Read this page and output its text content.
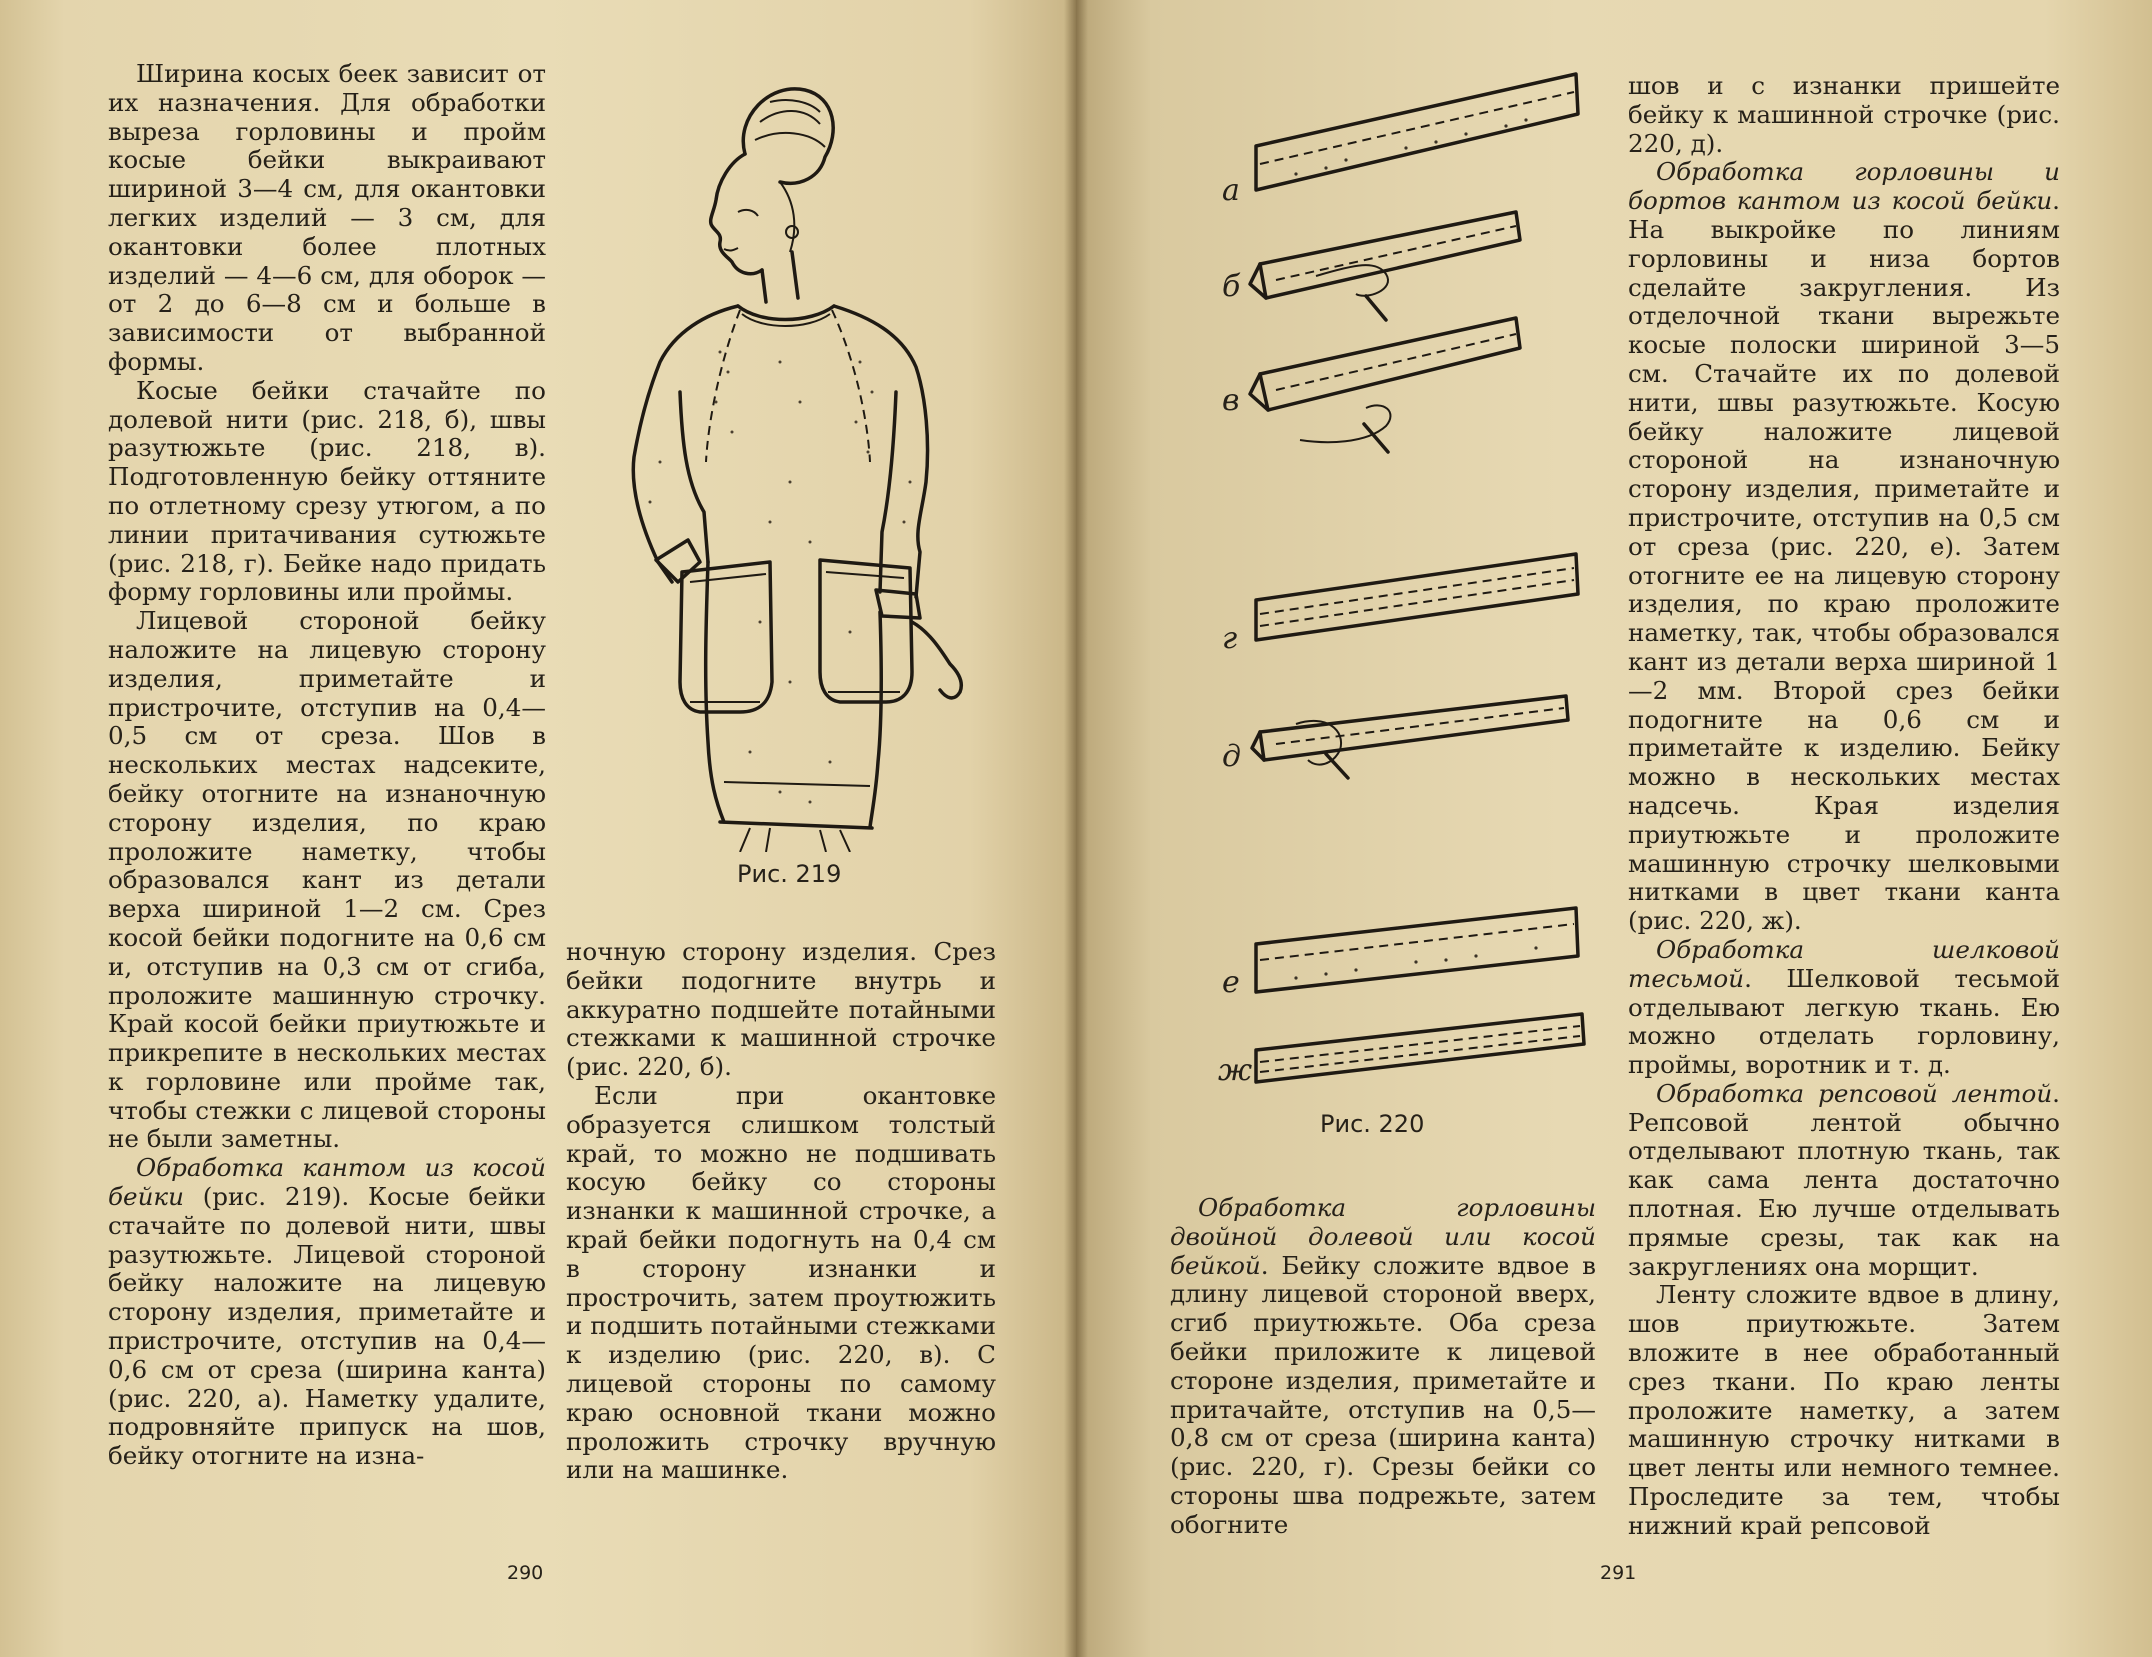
Ширина косых беек зависит от их назначения. Для обработки выреза горловины и пройм косые бейки выкраивают шириной 3—4 см, для окантовки легких изделий — 3 см, для окантовки более плотных изделий — 4—6 см, для оборок — от 2 до 6—8 см и больше в зависимости от выбранной формы.

Косые бейки стачайте по долевой нити (рис. 218, б), швы разутюжьте (рис. 218, в). Подготовленную бейку оттяните по отлетному срезу утюгом, а по линии притачивания сутюжьте (рис. 218, г). Бейке надо придать форму горловины или проймы.

Лицевой стороной бейку наложите на лицевую сторону изделия, приметайте и пристрочите, отступив на 0,4—0,5 см от среза. Шов в нескольких местах надсеките, бейку отогните на изнаночную сторону изделия, по краю проложите наметку, чтобы образовался кант из детали верха шириной 1—2 см. Срез косой бейки подогните на 0,6 см и, отступив на 0,3 см от сгиба, проложите машинную строчку. Край косой бейки приутюжьте и прикрепите в нескольких местах к горловине или пройме так, чтобы стежки с лицевой стороны не были заметны.

Обработка кантом из косой бейки (рис. 219). Косые бейки стачайте по долевой нити, швы разутюжьте. Лицевой стороной бейку наложите на лицевую сторону изделия, приметайте и пристрочите, отступив на 0,4—0,6 см от среза (ширина канта) (рис. 220, а). Наметку удалите, подровняйте припуск на шов, бейку отогните на изна-

Рис. 219

ночную сторону изделия. Срез бейки подогните внутрь и аккуратно подшейте потайными стежками к машинной строчке (рис. 220, б).

Если при окантовке образуется слишком толстый край, то можно не подшивать косую бейку со стороны изнанки к машинной строчке, а край бейки подогнуть на 0,4 см в сторону изнанки и прострочить, затем проутюжить и подшить потайными стежками к изделию (рис. 220, в). С лицевой стороны по самому краю основной ткани можно проложить строчку вручную или на машинке.

290
а
б
в
г
д
е
ж
Рис. 220

Обработка горловины двойной долевой или косой бейкой. Бейку сложите вдвое в длину лицевой стороной вверх, сгиб приутюжьте. Оба среза бейки приложите к лицевой стороне изделия, приметайте и притачайте, отступив на 0,5—0,8 см от среза (ширина канта) (рис. 220, г). Срезы бейки со стороны шва подрежьте, затем обогните

шов и с изнанки пришейте бейку к машинной строчке (рис. 220, д).

Обработка горловины и бортов кантом из косой бейки. На выкройке по линиям горловины и низа бортов сделайте закругления. Из отделочной ткани вырежьте косые полоски шириной 3—5 см. Стачайте их по долевой нити, швы разутюжьте. Косую бейку наложите лицевой стороной на изнаночную сторону изделия, приметайте и пристрочите, отступив на 0,5 см от среза (рис. 220, е). Затем отогните ее на лицевую сторону изделия, по краю проложите наметку, так, чтобы образовался кант из детали верха шириной 1—2 мм. Второй срез бейки подогните на 0,6 см и приметайте к изделию. Бейку можно в нескольких местах надсечь. Края изделия приутюжьте и проложите машинную строчку шелковыми нитками в цвет ткани канта (рис. 220, ж).

Обработка шелковой тесьмой. Шелковой тесьмой отделывают легкую ткань. Ею можно отделать горловину, проймы, воротник и т. д.

Обработка репсовой лентой. Репсовой лентой обычно отделывают плотную ткань, так как сама лента достаточно плотная. Ею лучше отделывать прямые срезы, так как на закруглениях она морщит.

Ленту сложите вдвое в длину, шов приутюжьте. Затем вложите в нее обработанный срез ткани. По краю ленты проложите наметку, а затем машинную строчку нитками в цвет ленты или немного темнее. Проследите за тем, чтобы нижний край репсовой

291
